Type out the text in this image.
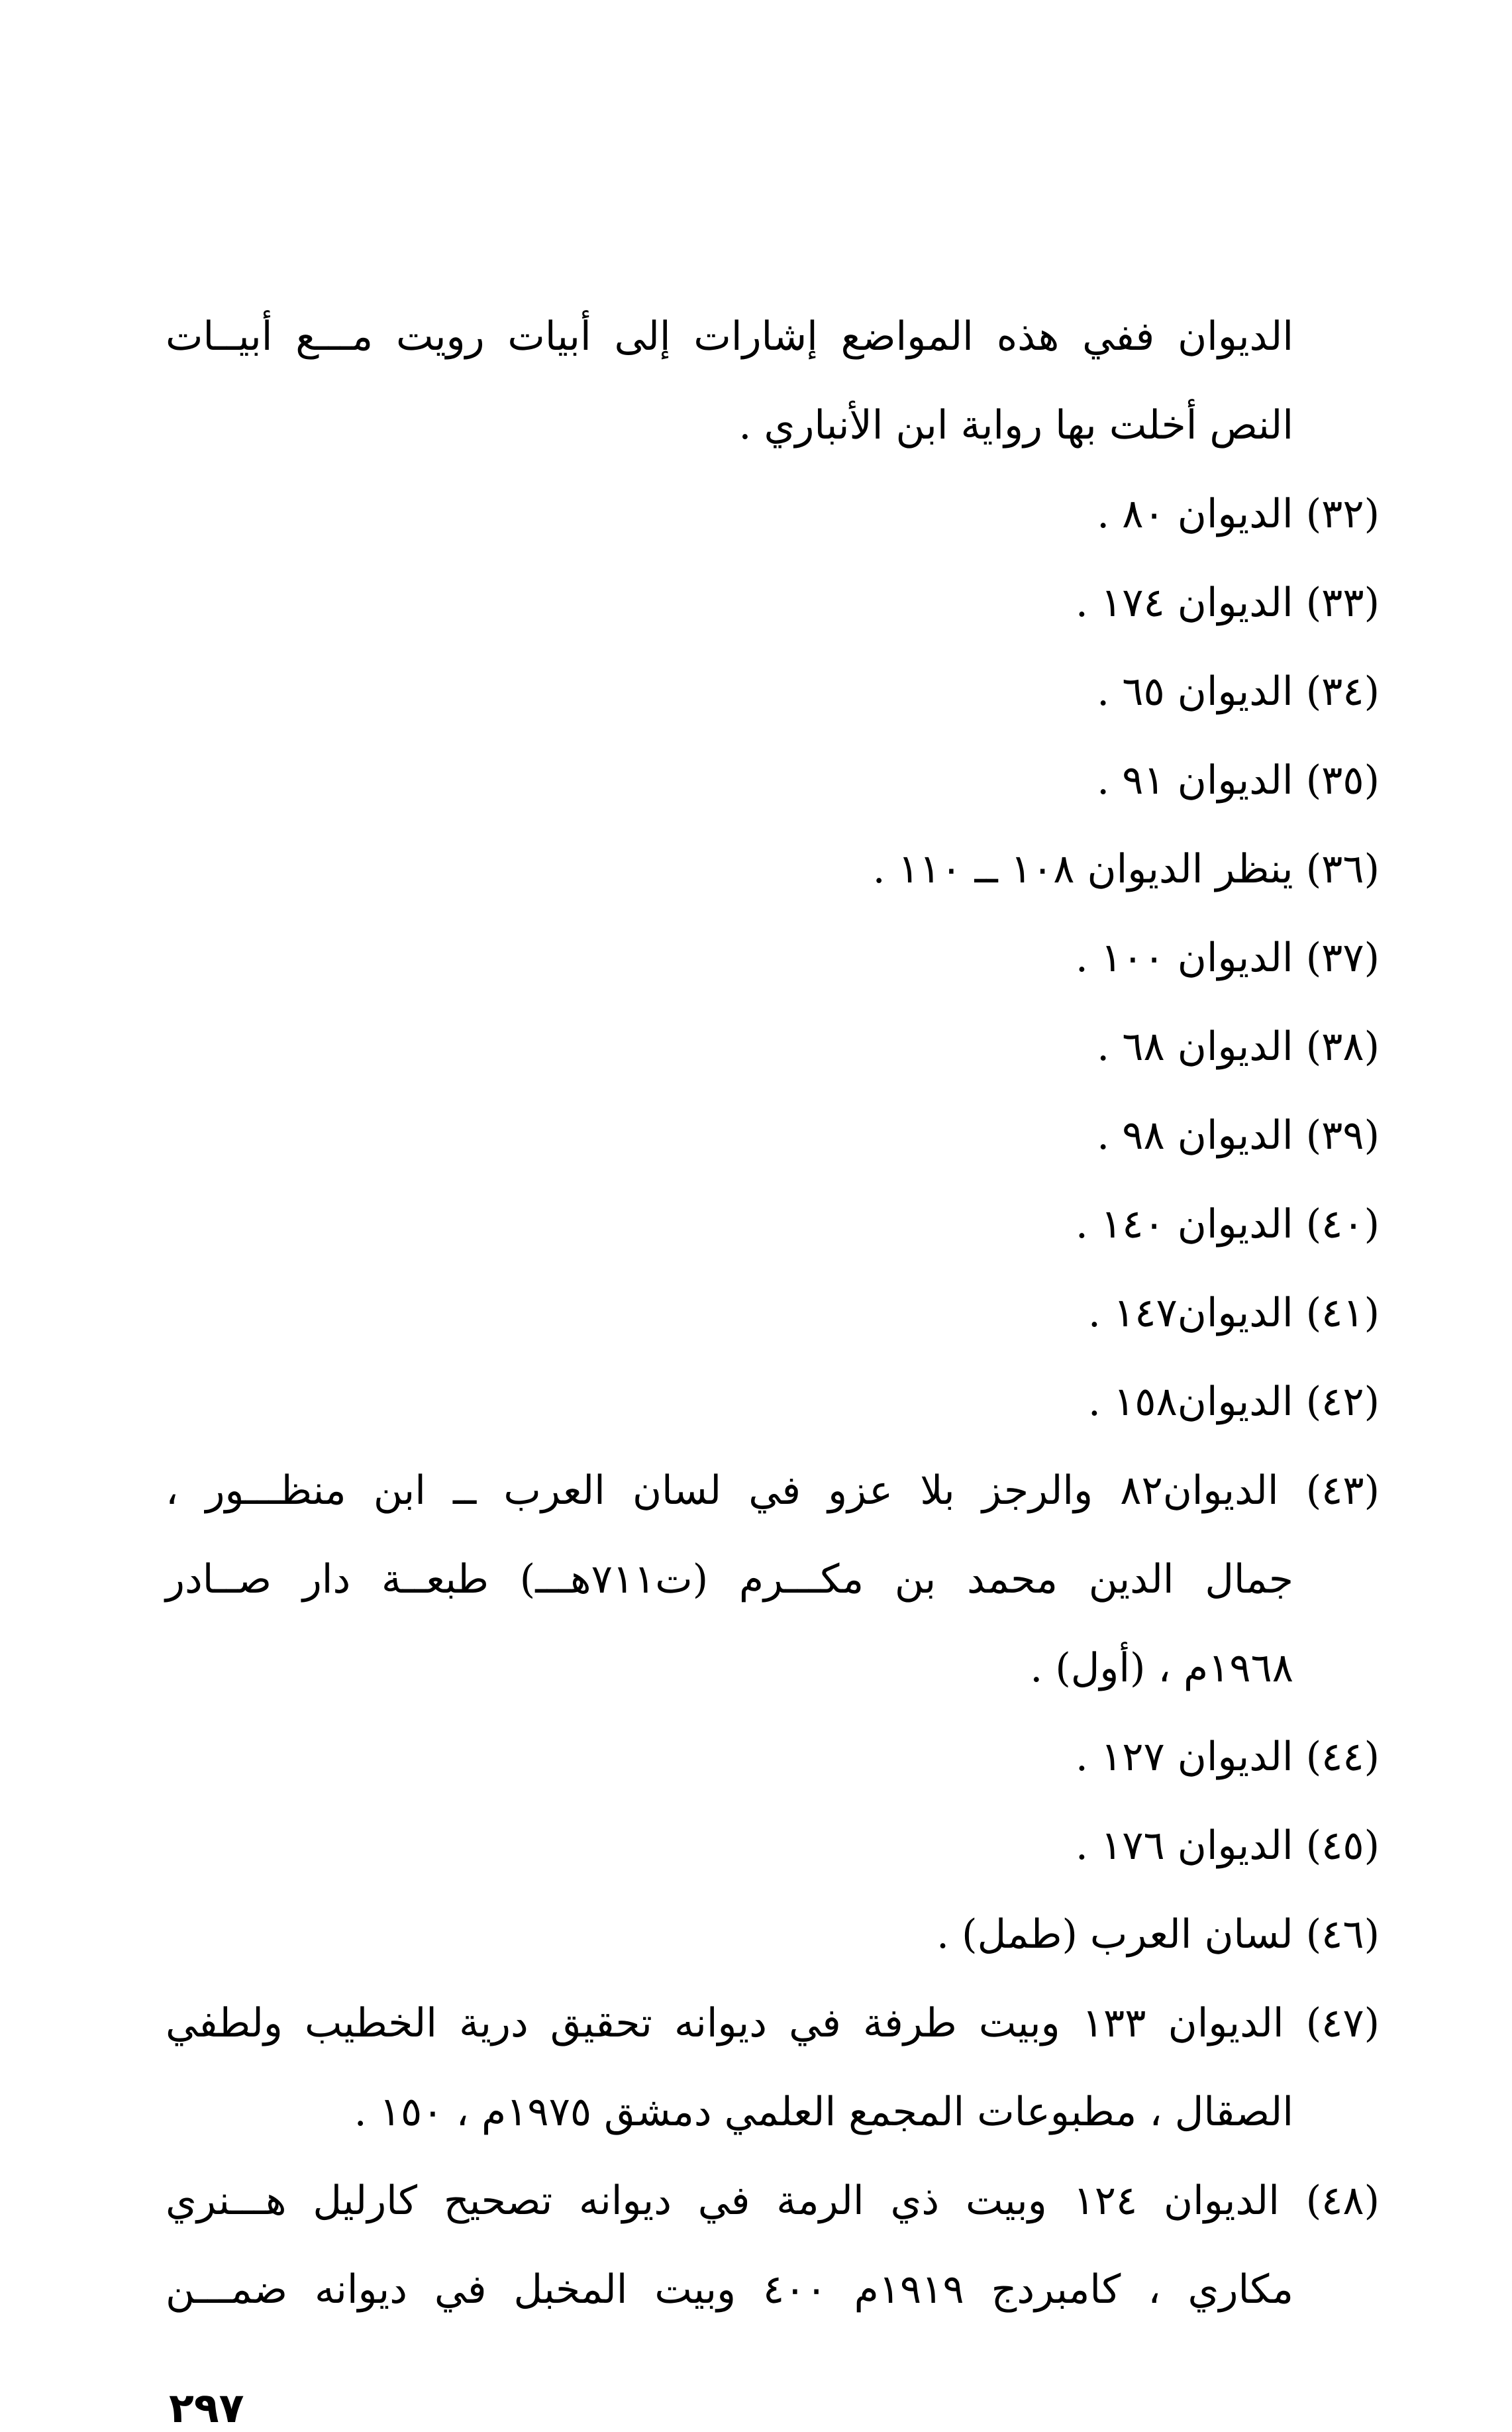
الديوان ففي هذه المواضع إشارات إلى أبيات رويت مـــع أبيــات
النص أخلت بها رواية ابن الأنباري .
(٣٢) الديوان ٨٠ .
(٣٣) الديوان ١٧٤ .
(٣٤) الديوان ٦٥ .
(٣٥) الديوان ٩١ .
(٣٦) ينظر الديوان ١٠٨ ــ ١١٠ .
(٣٧) الديوان ١٠٠ .
(٣٨) الديوان ٦٨ .
(٣٩) الديوان ٩٨ .
(٤٠) الديوان ١٤٠ .
(٤١) الديوان١٤٧ .
(٤٢) الديوان١٥٨ .
(٤٣) الديوان٨٢ والرجز بلا عزو في لسان العرب ــ ابن منظـــور ،
جمال الدين محمد بن مكـــرم (ت٧١١هـــ) طبعــة دار صــادر
١٩٦٨م ، (أول) .
(٤٤) الديوان ١٢٧ .
(٤٥) الديوان ١٧٦ .
(٤٦) لسان العرب (طمل) .
(٤٧) الديوان ١٣٣ وبيت طرفة في ديوانه تحقيق درية الخطيب ولطفي
الصقال ، مطبوعات المجمع العلمي دمشق ١٩٧٥م ، ١٥٠ .
(٤٨) الديوان ١٢٤ وبيت ذي الرمة في ديوانه تصحيح كارليل هـــنري
مكاري ، كامبردج ١٩١٩م ٤٠٠ وبيت المخبل في ديوانه ضمـــن
٢٩٧
